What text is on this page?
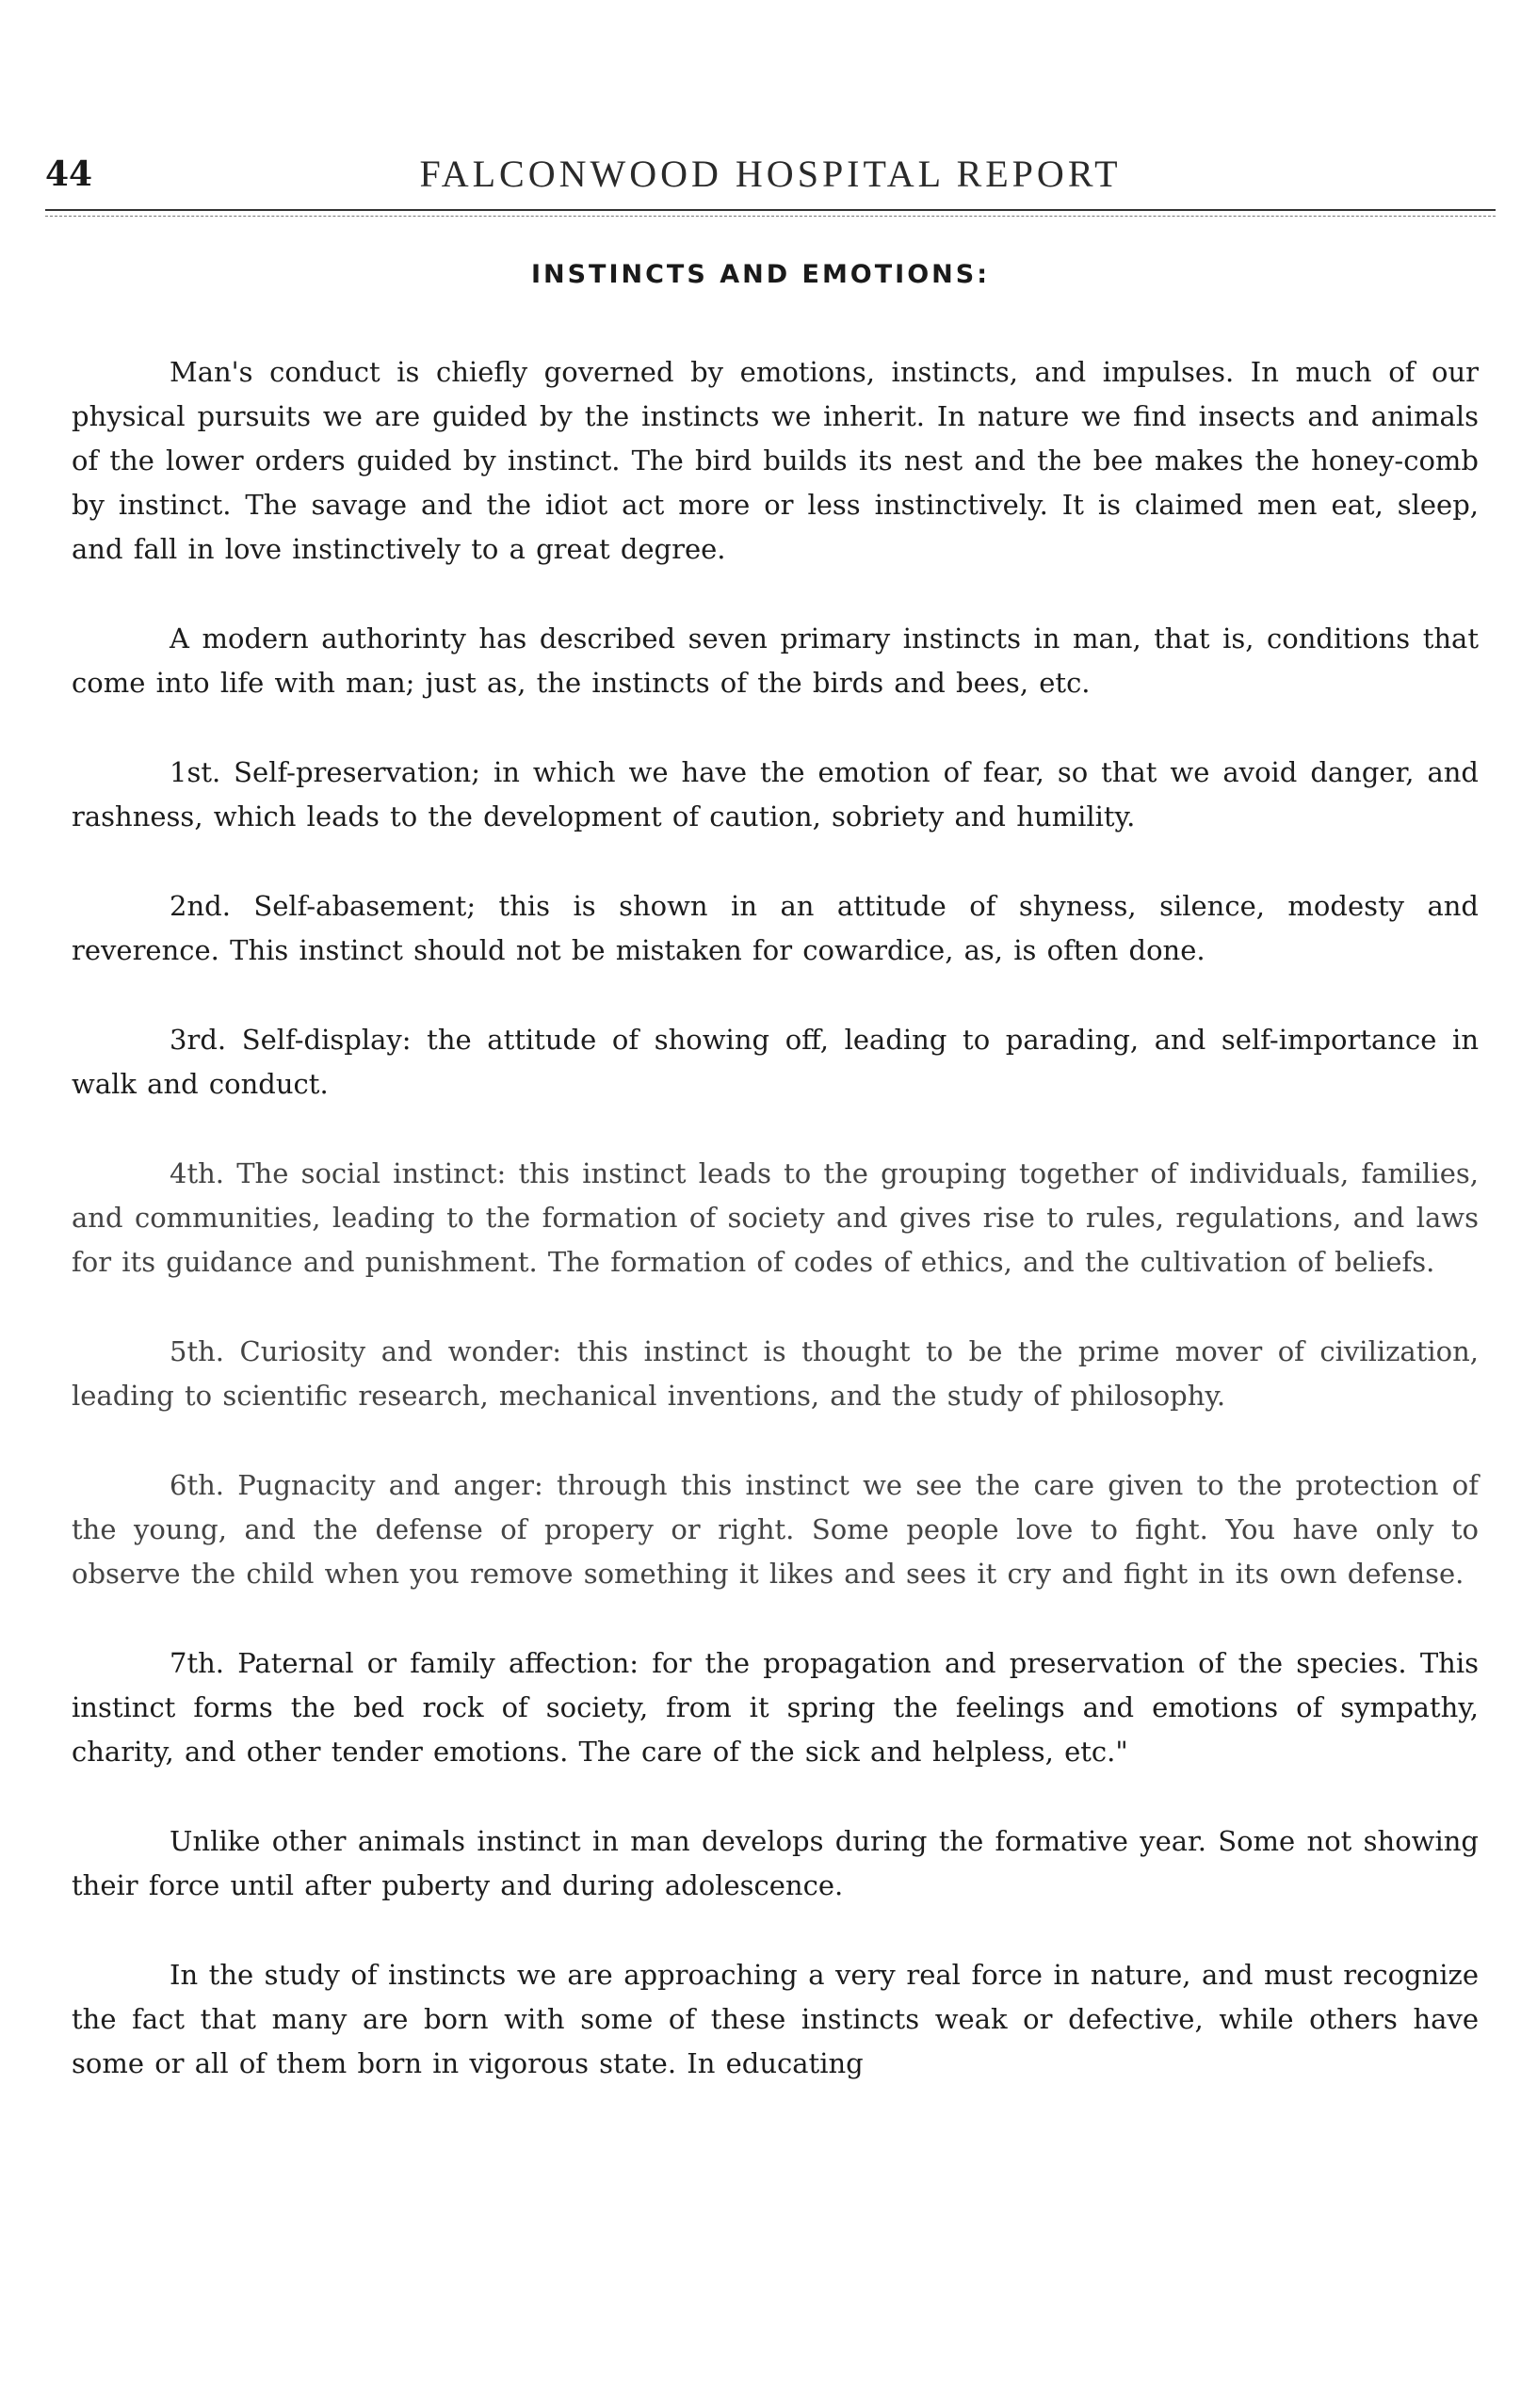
44	FALCONWOOD HOSPITAL REPORT
INSTINCTS AND EMOTIONS:

Man's conduct is chiefly governed by emotions, instincts, and impulses. In much of our physical pursuits we are guided by the instincts we inherit. In nature we find insects and animals of the lower orders guided by instinct. The bird builds its nest and the bee makes the honey-comb by instinct. The savage and the idiot act more or less instinctively. It is claimed men eat, sleep, and fall in love instinctively to a great degree.

A modern authorinty has described seven primary instincts in man, that is, conditions that come into life with man; just as, the instincts of the birds and bees, etc.

1st. Self-preservation; in which we have the emotion of fear, so that we avoid danger, and rashness, which leads to the development of caution, sobriety and humility.

2nd. Self-abasement; this is shown in an attitude of shyness, silence, modesty and reverence. This instinct should not be mistaken for cowardice, as, is often done.

3rd. Self-display: the attitude of showing off, leading to parading, and self-importance in walk and conduct.

4th. The social instinct: this instinct leads to the grouping together of individuals, families, and communities, leading to the formation of society and gives rise to rules, regulations, and laws for its guidance and punishment. The formation of codes of ethics, and the cultivation of beliefs.

5th. Curiosity and wonder: this instinct is thought to be the prime mover of civilization, leading to scientific research, mechanical inventions, and the study of philosophy.

6th. Pugnacity and anger: through this instinct we see the care given to the protection of the young, and the defense of propery or right. Some people love to fight. You have only to observe the child when you remove something it likes and sees it cry and fight in its own defense.

7th. Paternal or family affection: for the propagation and preservation of the species. This instinct forms the bed rock of society, from it spring the feelings and emotions of sympathy, charity, and other tender emotions. The care of the sick and helpless, etc."

Unlike other animals instinct in man develops during the formative year. Some not showing their force until after puberty and during adolescence.

In the study of instincts we are approaching a very real force in nature, and must recognize the fact that many are born with some of these instincts weak or defective, while others have some or all of them born in vigorous state. In educating
